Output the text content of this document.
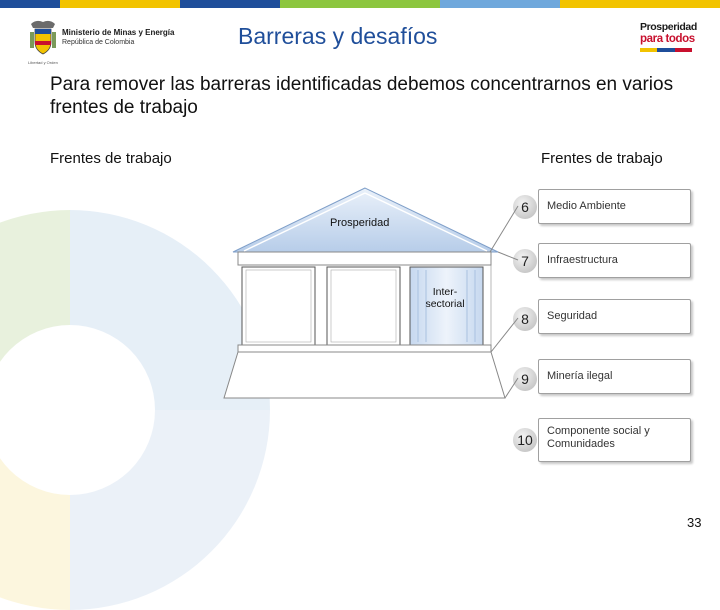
Ministerio de Minas y Energía
República de Colombia
Libertad y Orden
Barreras y desafíos	Prosperidad
para todos
Para remover las barreras identificadas debemos concentrarnos en varios frentes de trabajo
Frentes de trabajo	Frentes de trabajo
Prosperidad
Inter-
sectorial
Medio Ambiente
6
Infraestructura
7
Seguridad
8
Minería ilegal
9
Componente social y Comunidades
10
33
